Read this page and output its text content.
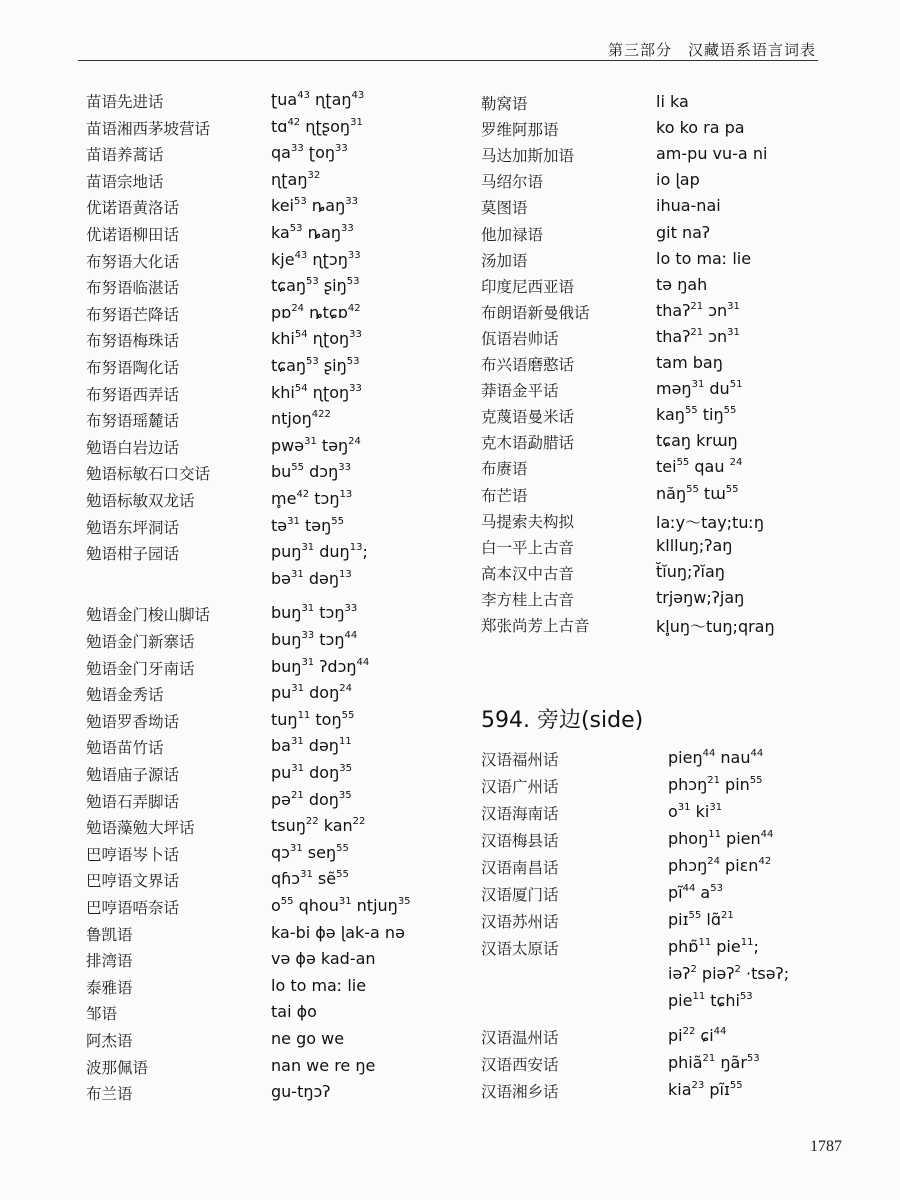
第三部分　汉藏语系语言词表
苗语先进话	ʈua$^{43}$ ɳʈaŋ$^{43}$
苗语湘西茅坡营话	tɑ$^{42}$ ɳʈʂoŋ$^{31}$
苗语养蒿话	$qa^{33}$ ʈoŋ$^{33}$
苗语宗地话	ɳʈaŋ$^{32}$
优诺语黄洛话	kei$^{53}$ ȵaŋ$^{33}$
优诺语柳田话	$ka^{53}$ ȵaŋ$^{33}$
布努语大化话	kje$^{43}$ ɳʈɔŋ$^{33}$
布努语临湛话	tɕaŋ$^{53}$ ʂiŋ$^{53}$
布努语芒降话	pɒ$^{24}$ ȵtɕɒ$^{42}$
布努语梅珠话	khi$^{54}$ ɳʈoŋ$^{33}$
布努语陶化话	tɕaŋ$^{53}$ ʂiŋ$^{53}$
布努语西弄话	khi$^{54}$ ɳʈoŋ$^{33}$
布努语瑶麓话	ntjoŋ$^{422}$
勉语白岩边话	pwə$^{31}$ təŋ$^{24}$
勉语标敏石口交话	$bu^{55}$ dɔŋ$^{33}$
勉语标敏双龙话	$m̥e^{42}$ tɔŋ$^{13}$
勉语东坪洞话	tə$^{31}$ təŋ$^{55}$
勉语柑子园话	puŋ$^{31}$ duŋ$^{13}$;
bə$^{31}$ dəŋ$^{13}$
勉语金门梭山脚话	buŋ$^{31}$ tɔŋ$^{33}$
勉语金门新寨话	buŋ$^{33}$ tɔŋ$^{44}$
勉语金门牙南话	buŋ$^{31}$ ʔdɔŋ$^{44}$
勉语金秀话	$pu^{31}$ doŋ$^{24}$
勉语罗香坳话	tuŋ$^{11}$ toŋ$^{55}$
勉语苗竹话	$ba^{31}$ dəŋ$^{11}$
勉语庙子源话	$pu^{31}$ doŋ$^{35}$
勉语石弄脚话	pə$^{21}$ doŋ$^{35}$
勉语藻勉大坪话	tsuŋ$^{22}$ kan$^{22}$
巴哼语岑卜话	qɔ$^{31}$ seŋ$^{55}$
巴哼语文界话	qɦɔ$^{31}$ sẽ$^{55}$
巴哼语唔奈话	$o^{55}$ qhou$^{31}$ ntjuŋ$^{35}$
鲁凯语	ka-bi ɸə ɭak-a nə
排湾语	və ɸə kad-an
泰雅语	lo to maː lie
邹语	tai ɸo
阿杰语	ne go we
波那佩语	nan we re ŋe
布兰语	gu-tŋɔʔ
勒窝语	li ka
罗维阿那语	ko ko ra pa
马达加斯加语	am-pu vu-a ni
马绍尔语	io ɭap
莫图语	ihua-nai
他加禄语	git naʔ
汤加语	lo to maː lie
印度尼西亚语	tə ŋah
布朗语新曼俄话	thaʔ$^{21}$ ɔn$^{31}$
佤语岩帅话	thaʔ$^{21}$ ɔn$^{31}$
布兴语磨憨话	tam baŋ
莽语金平话	məŋ$^{31}$ $du^{51}$
克蔑语曼米话	kaŋ$^{55}$ tiŋ$^{55}$
克木语勐腊话	tɕaŋ krɯŋ
布赓语	tei$^{55}$ qau $^{24}$
布芒语	năŋ$^{55}$ tɯ$^{55}$
马提索夫构拟	laːy～tay;tuːŋ
白一平上古音	kllluŋ;ʔaŋ
高本汉中古音	t̆ĭuŋ;ʔĭaŋ
李方桂上古音	trjəŋw;ʔjaŋ
郑张尚芳上古音	kl̥uŋ～tuŋ;qraŋ
594. 旁边(side)
汉语福州话	pieŋ$^{44}$ nau$^{44}$
汉语广州话	phɔŋ$^{21}$ pin$^{55}$
汉语海南话	$o^{31}$ $ki^{31}$
汉语梅县话	phoŋ$^{11}$ pien$^{44}$
汉语南昌话	phɔŋ$^{24}$ piɛn$^{42}$
汉语厦门话	$pĩ^{44}$ $a^{53}$
汉语苏州话	piɪ$^{55}$ lɑ̃$^{21}$
汉语太原话	phɒ̃$^{11}$ pie$^{11}$;
iəʔ$^2$ piəʔ$^2$ ·tsəʔ;
pie$^{11}$ tɕhi$^{53}$
汉语温州话	$pi^{22}$ ɕi$^{44}$
汉语西安话	phiã$^{21}$ ŋãr$^{53}$
汉语湘乡话	kia$^{23}$ pĩɪ$^{55}$
1787
